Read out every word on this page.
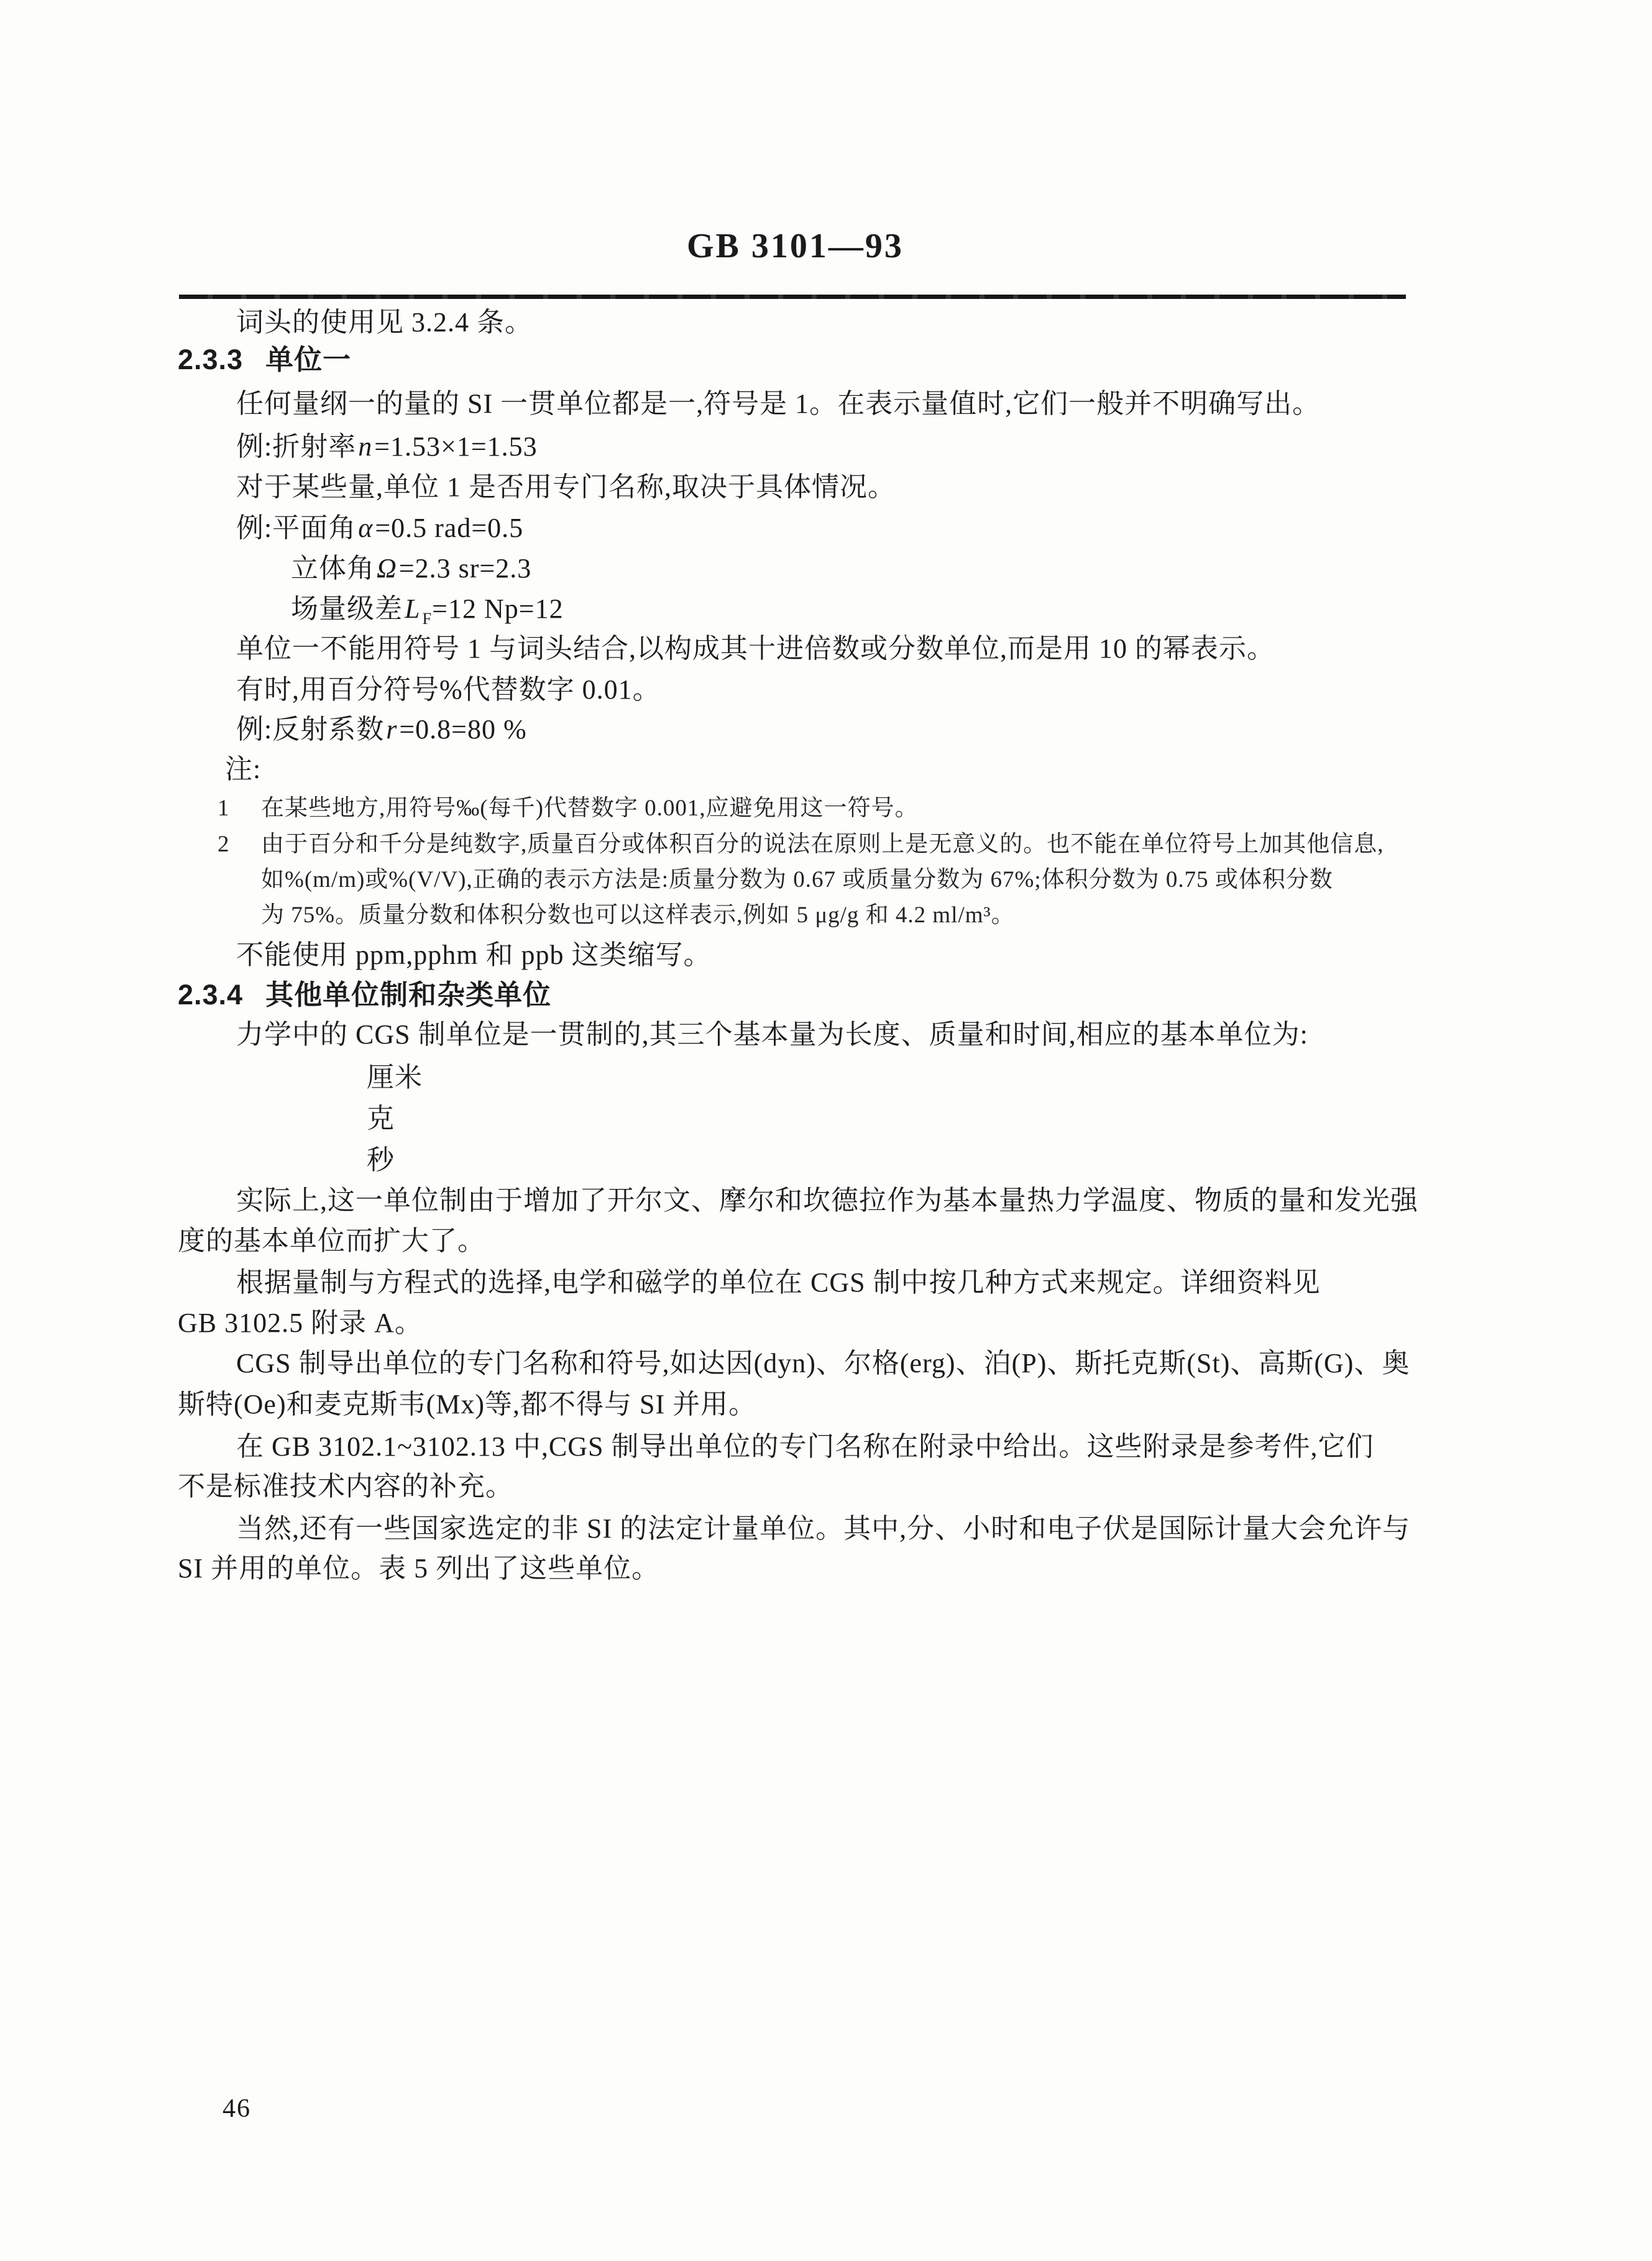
GB 3101—93
词头的使用见 3.2.4 条。
2.3.3 单位一
任何量纲一的量的 SI 一贯单位都是一,符号是 1。在表示量值时,它们一般并不明确写出。
例:折射率n=1.53×1=1.53
对于某些量,单位 1 是否用专门名称,取决于具体情况。
例:平面角α=0.5 rad=0.5
立体角Ω=2.3 sr=2.3
场量级差L $_F$=12 Np=12
单位一不能用符号 1 与词头结合,以构成其十进倍数或分数单位,而是用 10 的幂表示。
有时,用百分符号%代替数字 0.01。
例:反射系数r=0.8=80 %
注:
1 在某些地方,用符号‰(每千)代替数字 0.001,应避免用这一符号。
2 由于百分和千分是纯数字,质量百分或体积百分的说法在原则上是无意义的。也不能在单位符号上加其他信息,
如%(m/m)或%(V/V),正确的表示方法是:质量分数为 0.67 或质量分数为 67%;体积分数为 0.75 或体积分数
为 75%。质量分数和体积分数也可以这样表示,例如 5 μg/g 和 4.2 ml/m³。
不能使用 ppm,pphm 和 ppb 这类缩写。
2.3.4 其他单位制和杂类单位
力学中的 CGS 制单位是一贯制的,其三个基本量为长度、质量和时间,相应的基本单位为:
厘米
克
秒
实际上,这一单位制由于增加了开尔文、摩尔和坎德拉作为基本量热力学温度、物质的量和发光强
度的基本单位而扩大了。
根据量制与方程式的选择,电学和磁学的单位在 CGS 制中按几种方式来规定。详细资料见
GB 3102.5 附录 A。
CGS 制导出单位的专门名称和符号,如达因(dyn)、尔格(erg)、泊(P)、斯托克斯(St)、高斯(G)、奥
斯特(Oe)和麦克斯韦(Mx)等,都不得与 SI 并用。
在 GB 3102.1~3102.13 中,CGS 制导出单位的专门名称在附录中给出。这些附录是参考件,它们
不是标准技术内容的补充。
当然,还有一些国家选定的非 SI 的法定计量单位。其中,分、小时和电子伏是国际计量大会允许与
SI 并用的单位。表 5 列出了这些单位。
46
